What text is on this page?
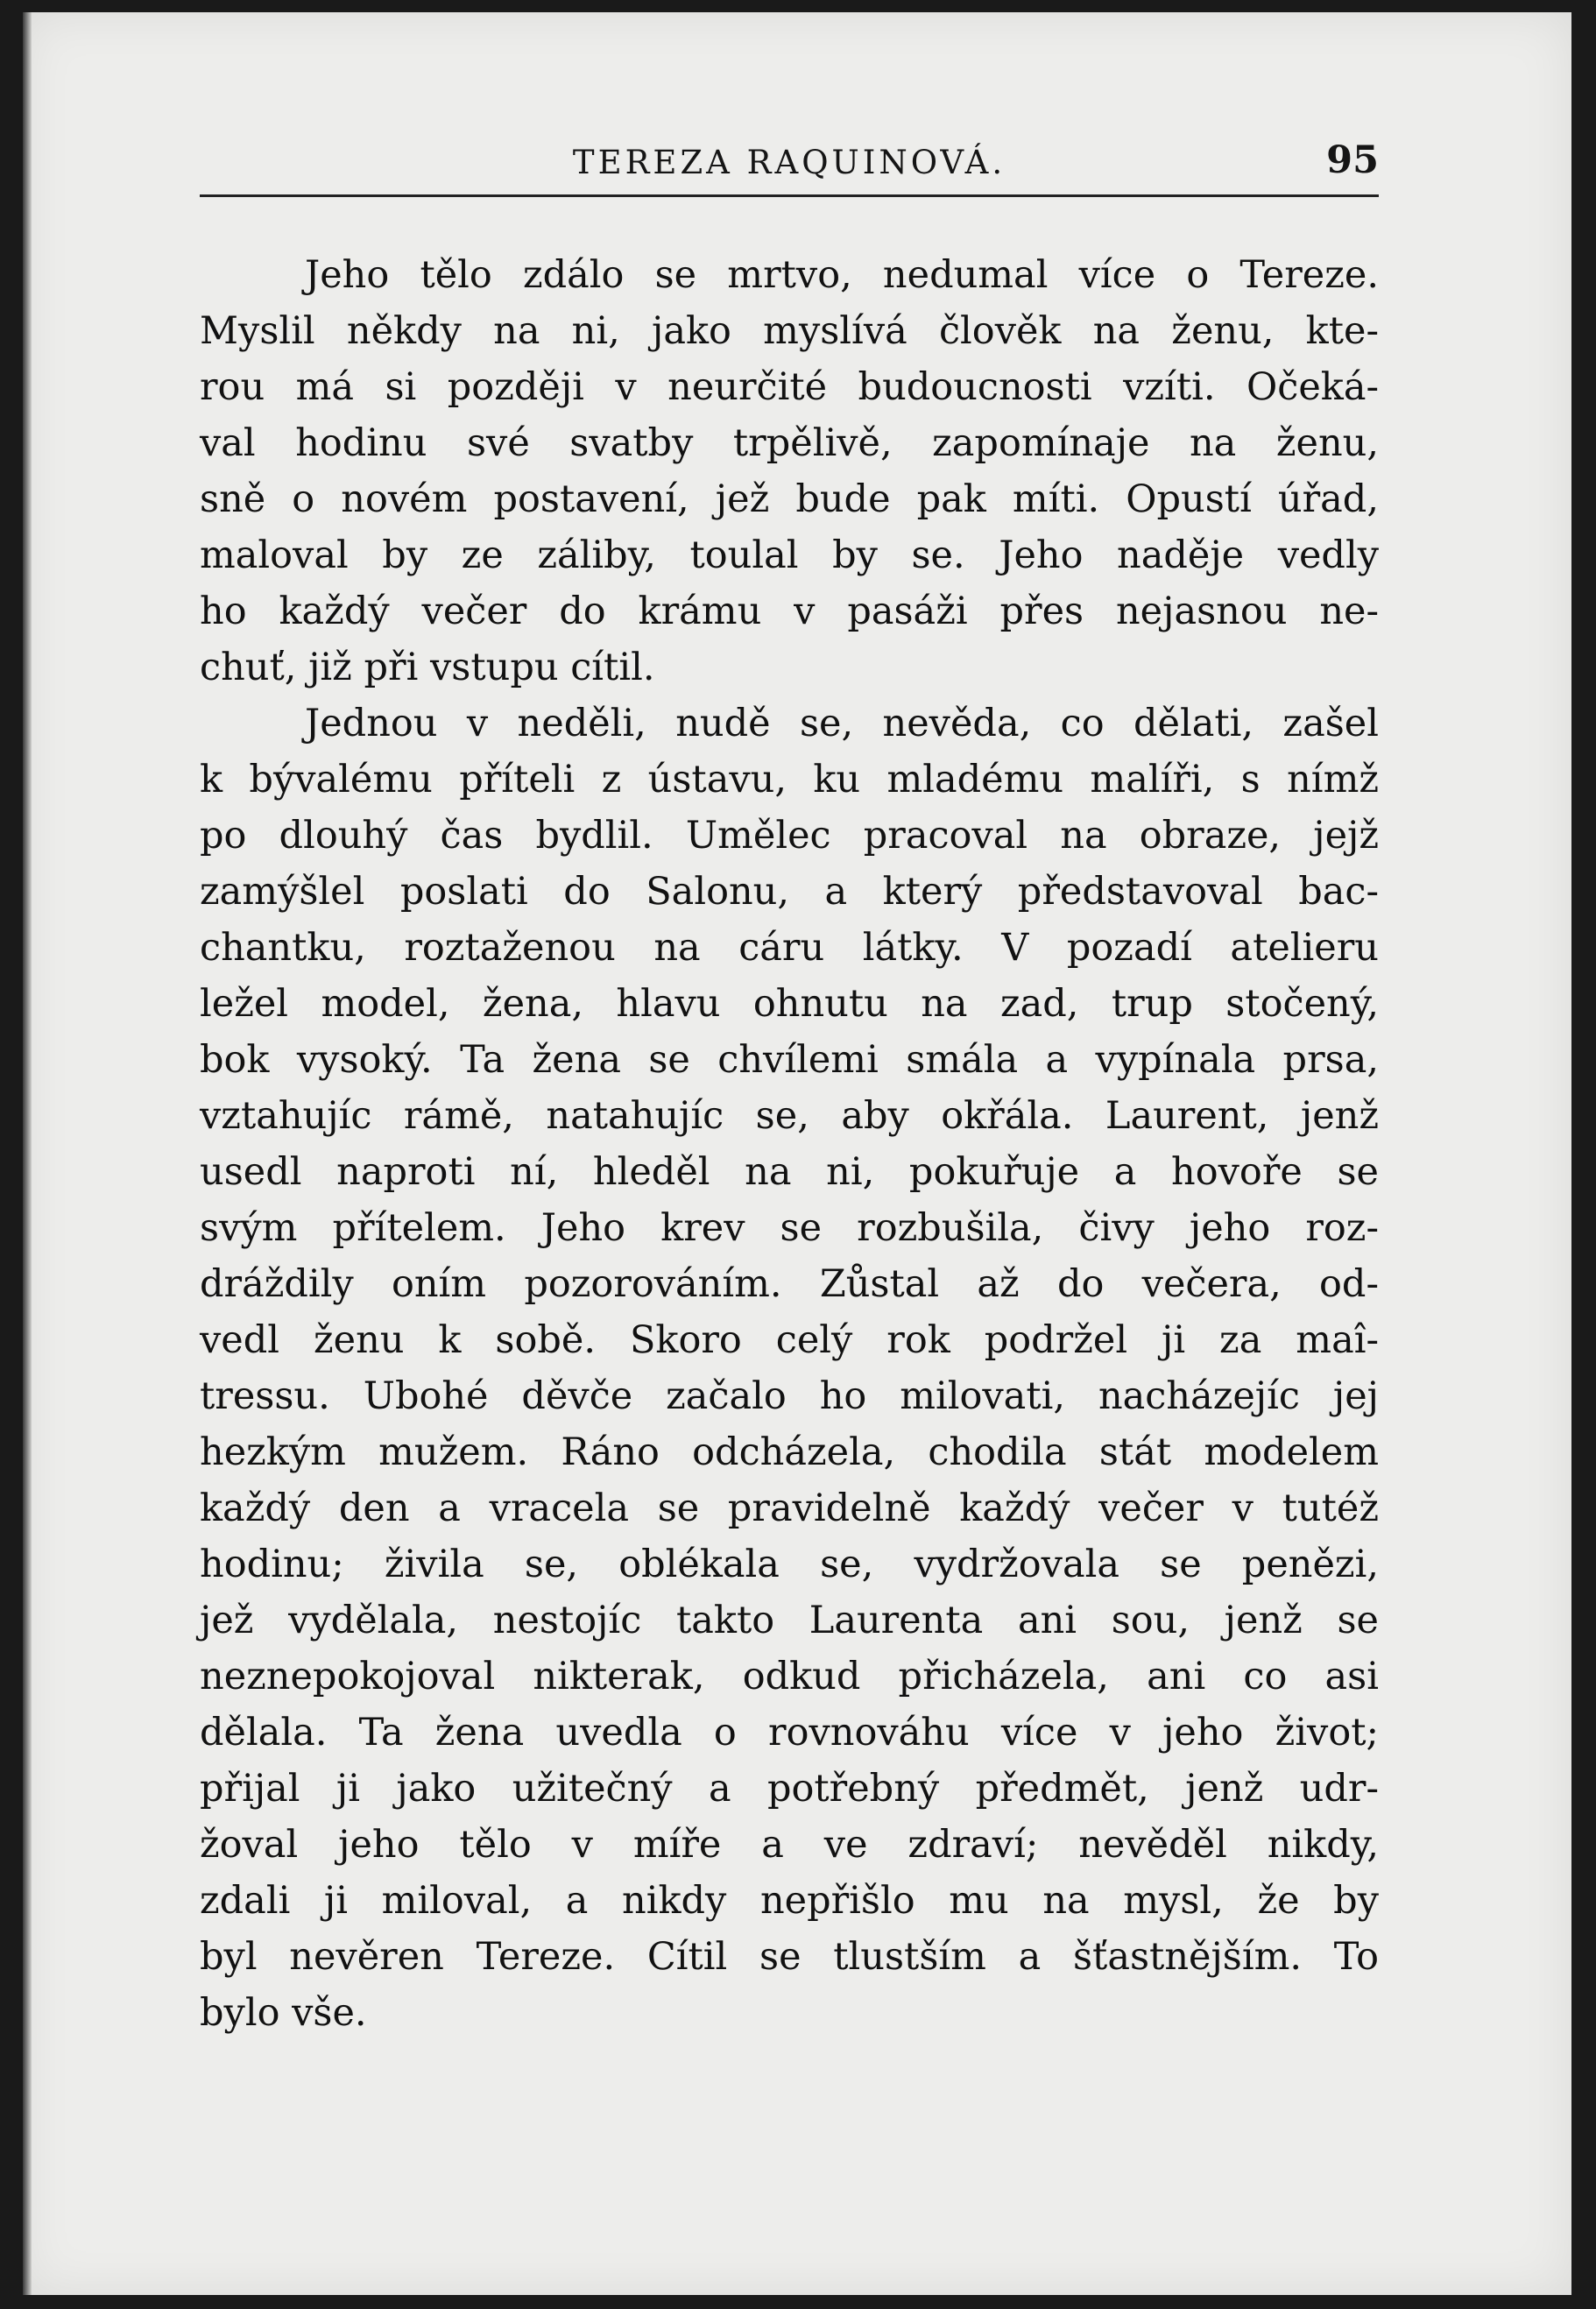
TEREZA RAQUINOVÁ.	95
Jeho tělo zdálo se mrtvo, nedumal více o Tereze.
Myslil někdy na ni, jako myslívá člověk na ženu, kte-
rou má si později v neurčité budoucnosti vzíti. Očeká-
val hodinu své svatby trpělivě, zapomínaje na ženu,
sně o novém postavení, jež bude pak míti. Opustí úřad,
maloval by ze záliby, toulal by se. Jeho naděje vedly
ho každý večer do krámu v pasáži přes nejasnou ne-
chuť, již při vstupu cítil.
Jednou v neděli, nudě se, nevěda, co dělati, zašel
k bývalému příteli z ústavu, ku mladému malíři, s nímž
po dlouhý čas bydlil. Umělec pracoval na obraze, jejž
zamýšlel poslati do Salonu, a který představoval bac-
chantku, roztaženou na cáru látky. V pozadí atelieru
ležel model, žena, hlavu ohnutu na zad, trup stočený,
bok vysoký. Ta žena se chvílemi smála a vypínala prsa,
vztahujíc rámě, natahujíc se, aby okřála. Laurent, jenž
usedl naproti ní, hleděl na ni, pokuřuje a hovoře se
svým přítelem. Jeho krev se rozbušila, čivy jeho roz-
dráždily oním pozorováním. Zůstal až do večera, od-
vedl ženu k sobě. Skoro celý rok podržel ji za maî-
tressu. Ubohé děvče začalo ho milovati, nacházejíc jej
hezkým mužem. Ráno odcházela, chodila stát modelem
každý den a vracela se pravidelně každý večer v tutéž
hodinu; živila se, oblékala se, vydržovala se penězi,
jež vydělala, nestojíc takto Laurenta ani sou, jenž se
neznepokojoval nikterak, odkud přicházela, ani co asi
dělala. Ta žena uvedla o rovnováhu více v jeho život;
přijal ji jako užitečný a potřebný předmět, jenž udr-
žoval jeho tělo v míře a ve zdraví; nevěděl nikdy,
zdali ji miloval, a nikdy nepřišlo mu na mysl, že by
byl nevěren Tereze. Cítil se tlustším a šťastnějším. To
bylo vše.
